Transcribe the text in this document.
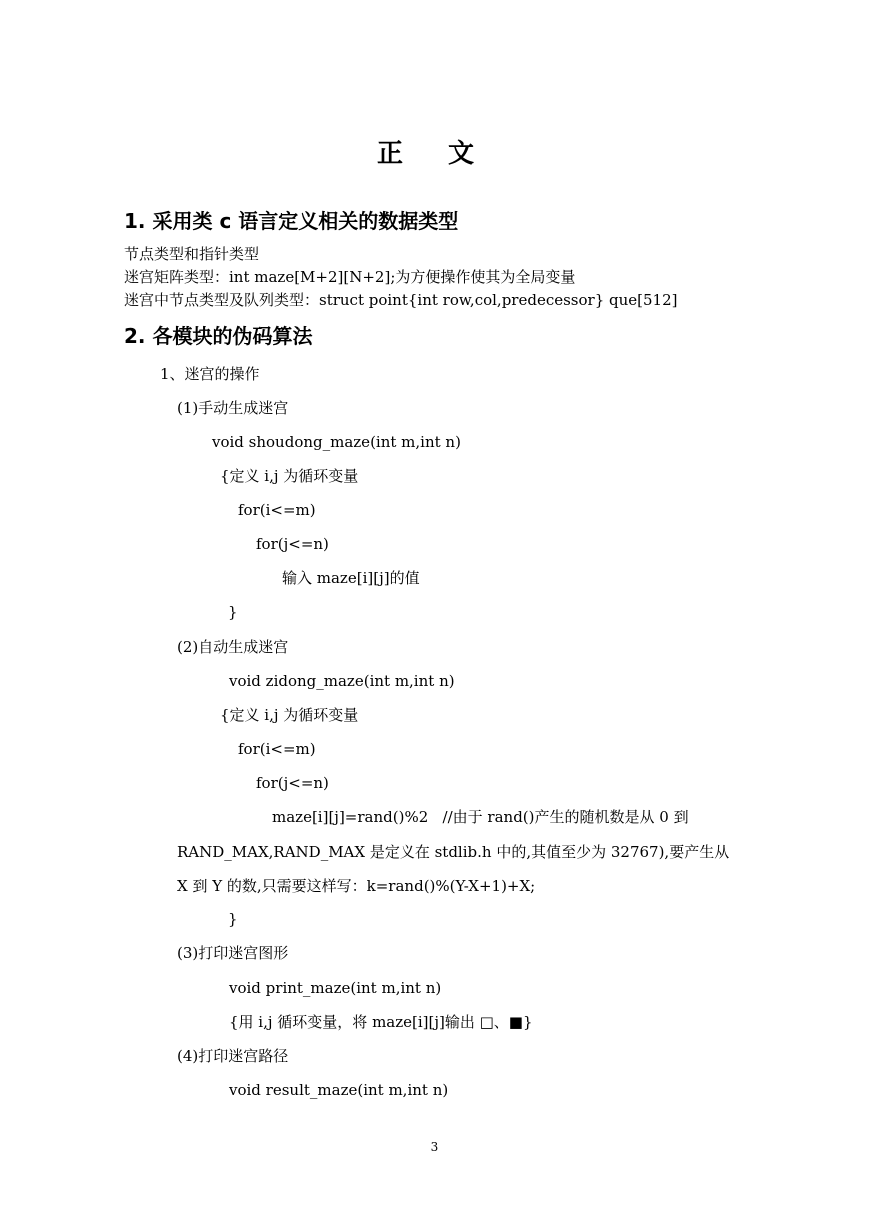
正 文
1. 采用类 c 语言定义相关的数据类型
节点类型和指针类型
迷宫矩阵类型：int maze[M+2][N+2];为方便操作使其为全局变量
迷宫中节点类型及队列类型：struct point{int row,col,predecessor} que[512]
2. 各模块的伪码算法
1、迷宫的操作
(1)手动生成迷宫
void shoudong_maze(int m,int n)
{定义 i,j 为循环变量
for(i<=m)
for(j<=n)
输入 maze[i][j]的值
}
(2)自动生成迷宫
void zidong_maze(int m,int n)
{定义 i,j 为循环变量
for(i<=m)
for(j<=n)
maze[i][j]=rand()%2   //由于 rand()产生的随机数是从 0 到
RAND_MAX,RAND_MAX 是定义在 stdlib.h 中的,其值至少为 32767),要产生从
X 到 Y 的数,只需要这样写：k=rand()%(Y-X+1)+X;
}
(3)打印迷宫图形
void print_maze(int m,int n)
{用 i,j 循环变量，将 maze[i][j]输出 □、■}
(4)打印迷宫路径
void result_maze(int m,int n)
3
